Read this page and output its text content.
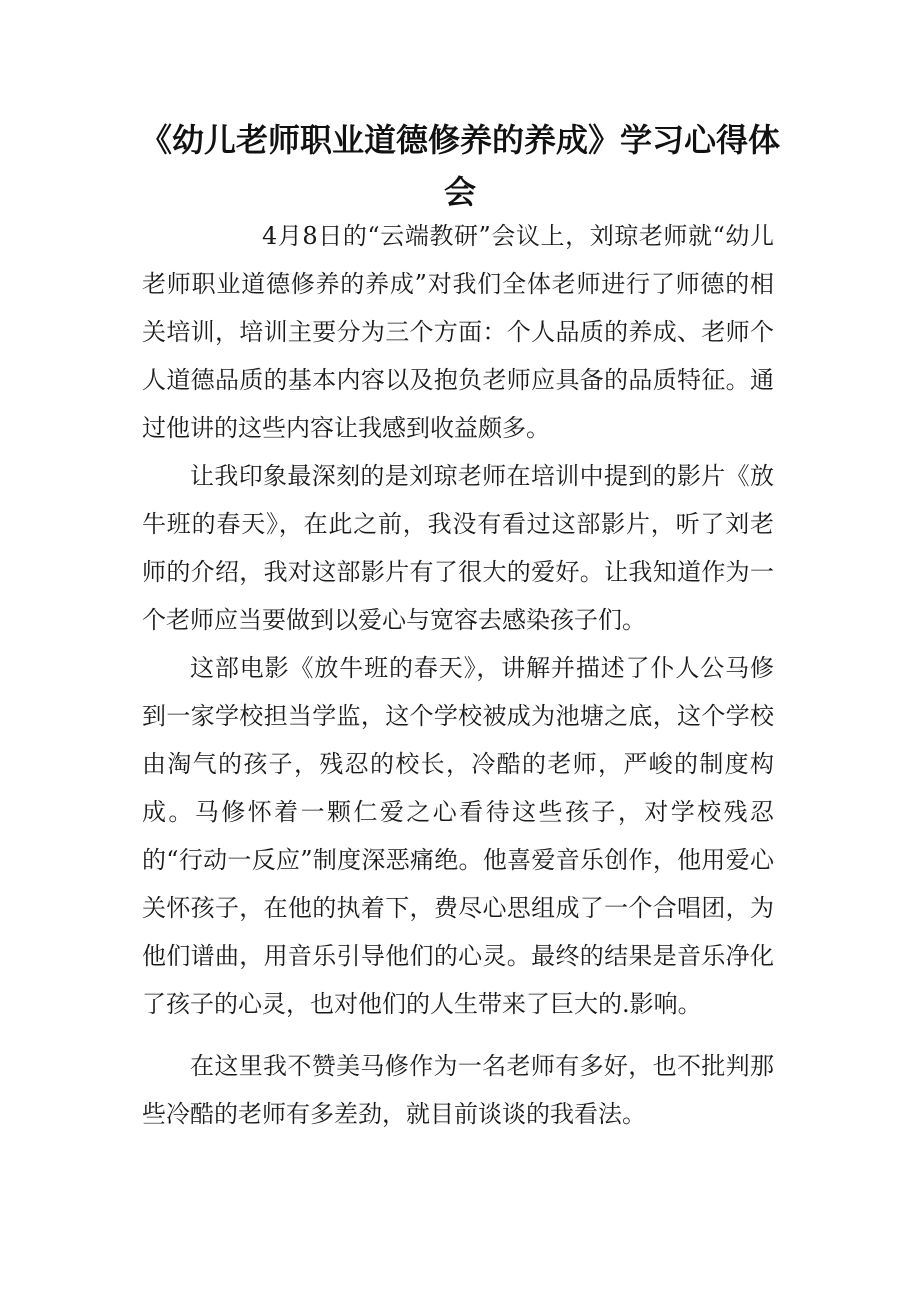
《幼儿老师职业道德修养的养成》学习心得体会

4月8日的“云端教研”会议上，刘琼老师就“幼儿老师职业道德修养的养成”对我们全体老师进行了师德的相关培训，培训主要分为三个方面：个人品质的养成、老师个人道德品质的基本内容以及抱负老师应具备的品质特征。通过他讲的这些内容让我感到收益颇多。

让我印象最深刻的是刘琼老师在培训中提到的影片《放牛班的春天》，在此之前，我没有看过这部影片，听了刘老师的介绍，我对这部影片有了很大的爱好。让我知道作为一个老师应当要做到以爱心与宽容去感染孩子们。

这部电影《放牛班的春天》，讲解并描述了仆人公马修到一家学校担当学监，这个学校被成为池塘之底，这个学校由淘气的孩子，残忍的校长，冷酷的老师，严峻的制度构成。马修怀着一颗仁爱之心看待这些孩子，对学校残忍的“行动一反应”制度深恶痛绝。他喜爱音乐创作，他用爱心关怀孩子，在他的执着下，费尽心思组成了一个合唱团，为他们谱曲，用音乐引导他们的心灵。最终的结果是音乐净化了孩子的心灵，也对他们的人生带来了巨大的.影响。

在这里我不赞美马修作为一名老师有多好，也不批判那些冷酷的老师有多差劲，就目前谈谈的我看法。
